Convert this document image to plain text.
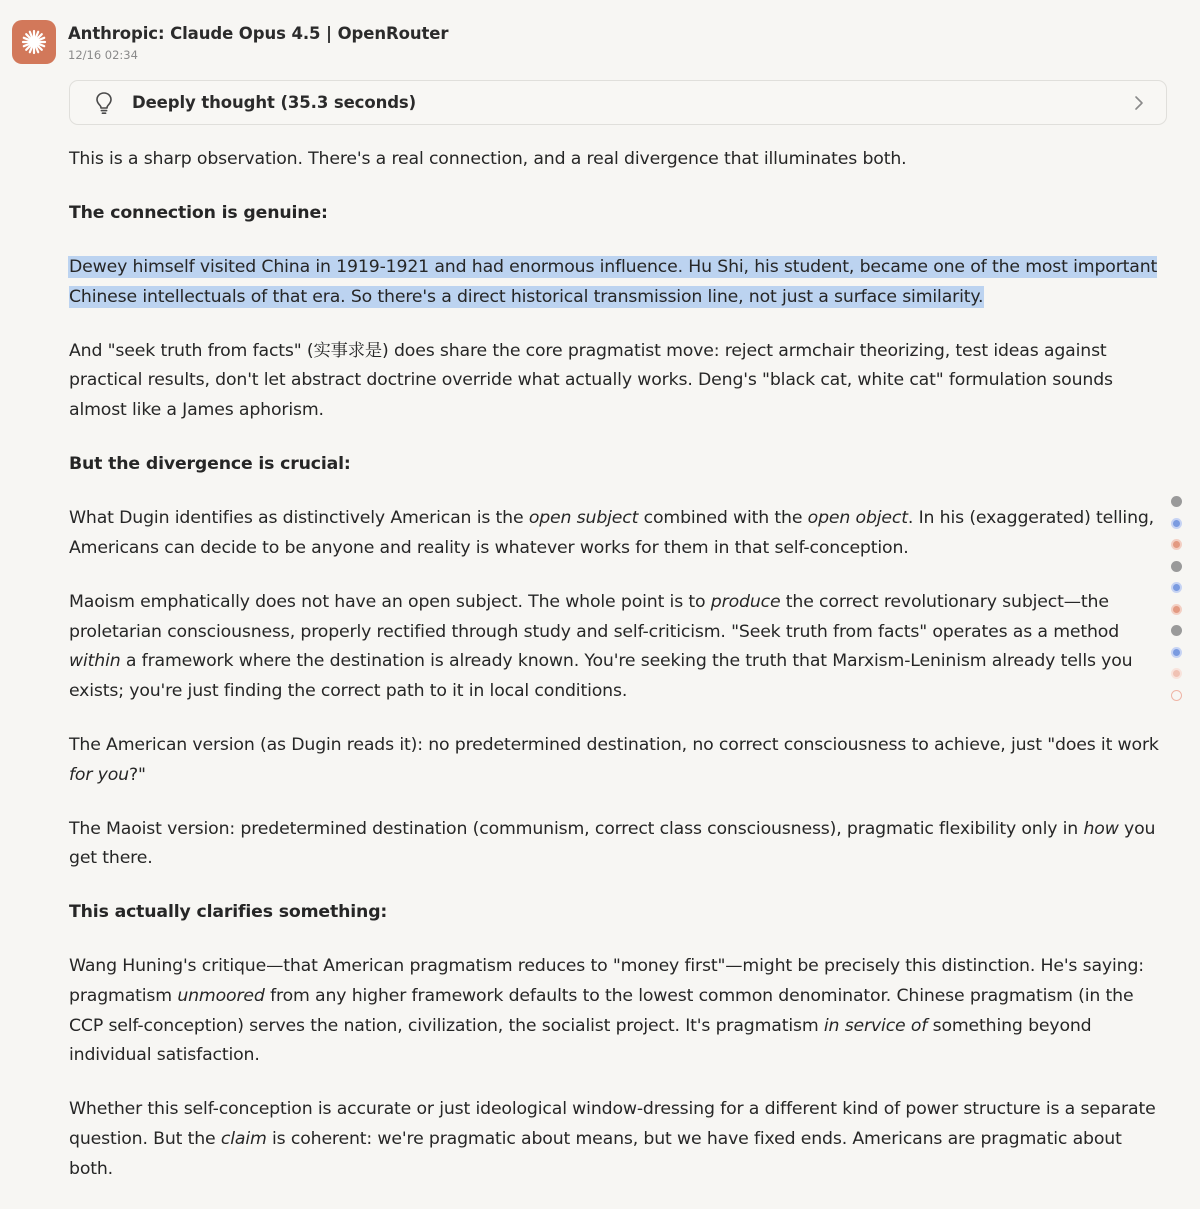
Anthropic: Claude Opus 4.5 | OpenRouter
12/16 02:34
Deeply thought (35.3 seconds)

This is a sharp observation. There's a real connection, and a real divergence that illuminates both.

The connection is genuine:

Dewey himself visited China in 1919-1921 and had enormous influence. Hu Shi, his student, became one of the most important Chinese intellectuals of that era. So there's a direct historical transmission line, not just a surface similarity.

And "seek truth from facts" (实事求是) does share the core pragmatist move: reject armchair theorizing, test ideas against practical results, don't let abstract doctrine override what actually works. Deng's "black cat, white cat" formulation sounds almost like a James aphorism.

But the divergence is crucial:

What Dugin identifies as distinctively American is the open subject combined with the open object. In his (exaggerated) telling, Americans can decide to be anyone and reality is whatever works for them in that self-conception.

Maoism emphatically does not have an open subject. The whole point is to produce the correct revolutionary subject—the proletarian consciousness, properly rectified through study and self-criticism. "Seek truth from facts" operates as a method within a framework where the destination is already known. You're seeking the truth that Marxism-Leninism already tells you exists; you're just finding the correct path to it in local conditions.

The American version (as Dugin reads it): no predetermined destination, no correct consciousness to achieve, just "does it work for you?"

The Maoist version: predetermined destination (communism, correct class consciousness), pragmatic flexibility only in how you get there.

This actually clarifies something:

Wang Huning's critique—that American pragmatism reduces to "money first"—might be precisely this distinction. He's saying: pragmatism unmoored from any higher framework defaults to the lowest common denominator. Chinese pragmatism (in the CCP self-conception) serves the nation, civilization, the socialist project. It's pragmatism in service of something beyond individual satisfaction.

Whether this self-conception is accurate or just ideological window-dressing for a different kind of power structure is a separate question. But the claim is coherent: we're pragmatic about means, but we have fixed ends. Americans are pragmatic about both.
